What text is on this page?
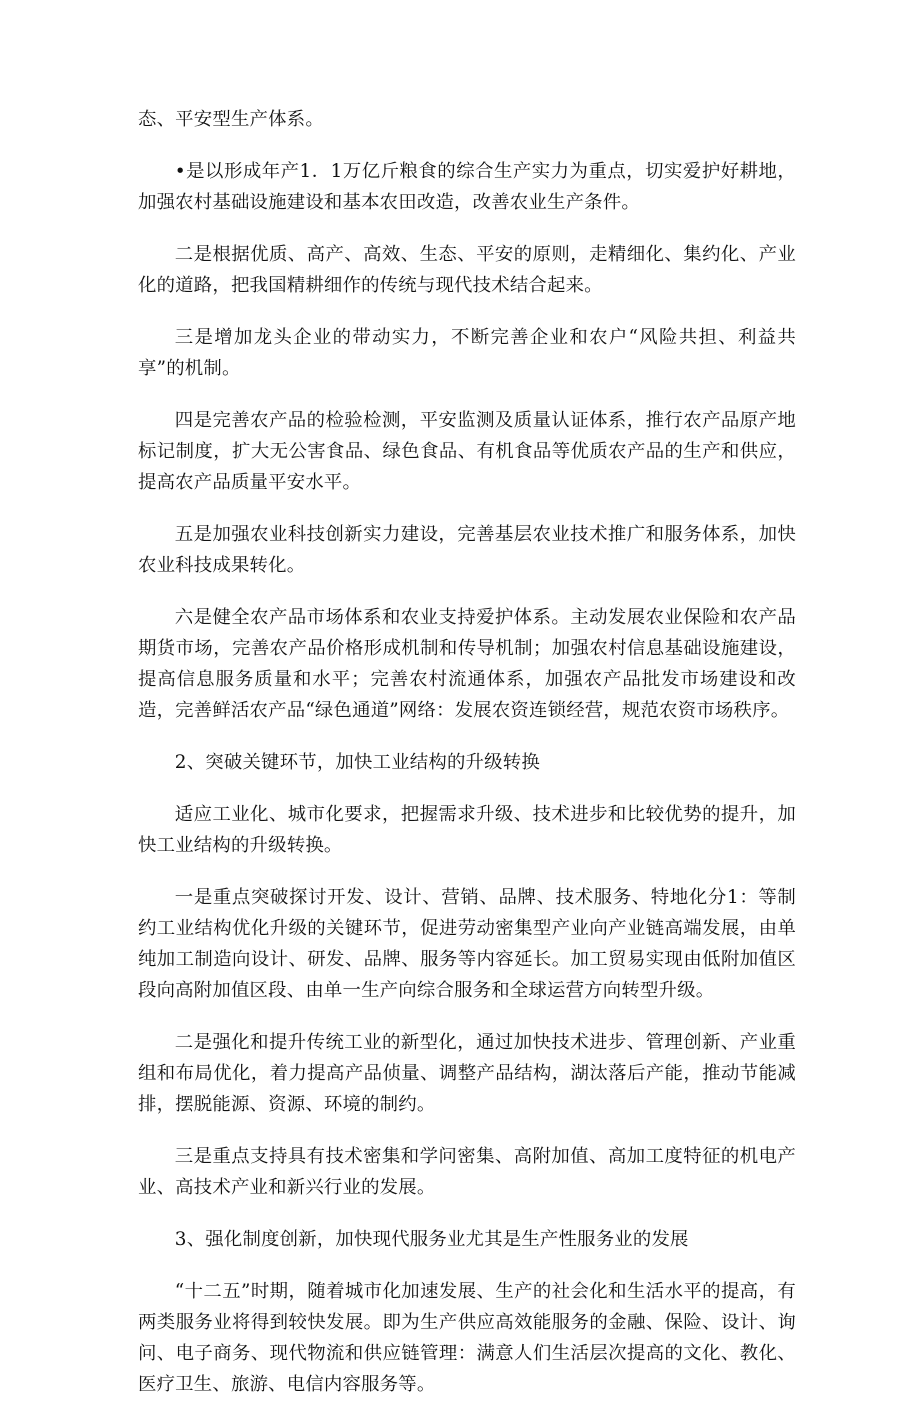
态、平安型生产体系。

•是以形成年产1．1万亿斤粮食的综合生产实力为重点，切实爱护好耕地，加强农村基础设施建设和基本农田改造，改善农业生产条件。

二是根据优质、高产、高效、生态、平安的原则，走精细化、集约化、产业化的道路，把我国精耕细作的传统与现代技术结合起来。

三是增加龙头企业的带动实力，不断完善企业和农户“风险共担、利益共享”的机制。

四是完善农产品的检验检测，平安监测及质量认证体系，推行农产品原产地标记制度，扩大无公害食品、绿色食品、有机食品等优质农产品的生产和供应，提高农产品质量平安水平。

五是加强农业科技创新实力建设，完善基层农业技术推广和服务体系，加快农业科技成果转化。

六是健全农产品市场体系和农业支持爱护体系。主动发展农业保险和农产品期货市场，完善农产品价格形成机制和传导机制；加强农村信息基础设施建设，提高信息服务质量和水平；完善农村流通体系，加强农产品批发市场建设和改造，完善鲜活农产品“绿色通道”网络：发展农资连锁经营，规范农资市场秩序。

2、突破关键环节，加快工业结构的升级转换

适应工业化、城市化要求，把握需求升级、技术进步和比较优势的提升，加快工业结构的升级转换。

一是重点突破探讨开发、设计、营销、品牌、技术服务、特地化分1：等制约工业结构优化升级的关键环节，促进劳动密集型产业向产业链高端发展，由单纯加工制造向设计、研发、品牌、服务等内容延长。加工贸易实现由低附加值区段向高附加值区段、由单一生产向综合服务和全球运营方向转型升级。

二是强化和提升传统工业的新型化，通过加快技术进步、管理创新、产业重组和布局优化，着力提高产品侦量、调整产品结构，湖汰落后产能，推动节能减排，摆脱能源、资源、环境的制约。

三是重点支持具有技术密集和学问密集、高附加值、高加工度特征的机电产业、高技术产业和新兴行业的发展。

3、强化制度创新，加快现代服务业尤其是生产性服务业的发展

“十二五”时期，随着城市化加速发展、生产的社会化和生活水平的提高，有两类服务业将得到较快发展。即为生产供应高效能服务的金融、保险、设计、询问、电子商务、现代物流和供应链管理：满意人们生活层次提高的文化、教化、医疗卫生、旅游、电信内容服务等。
